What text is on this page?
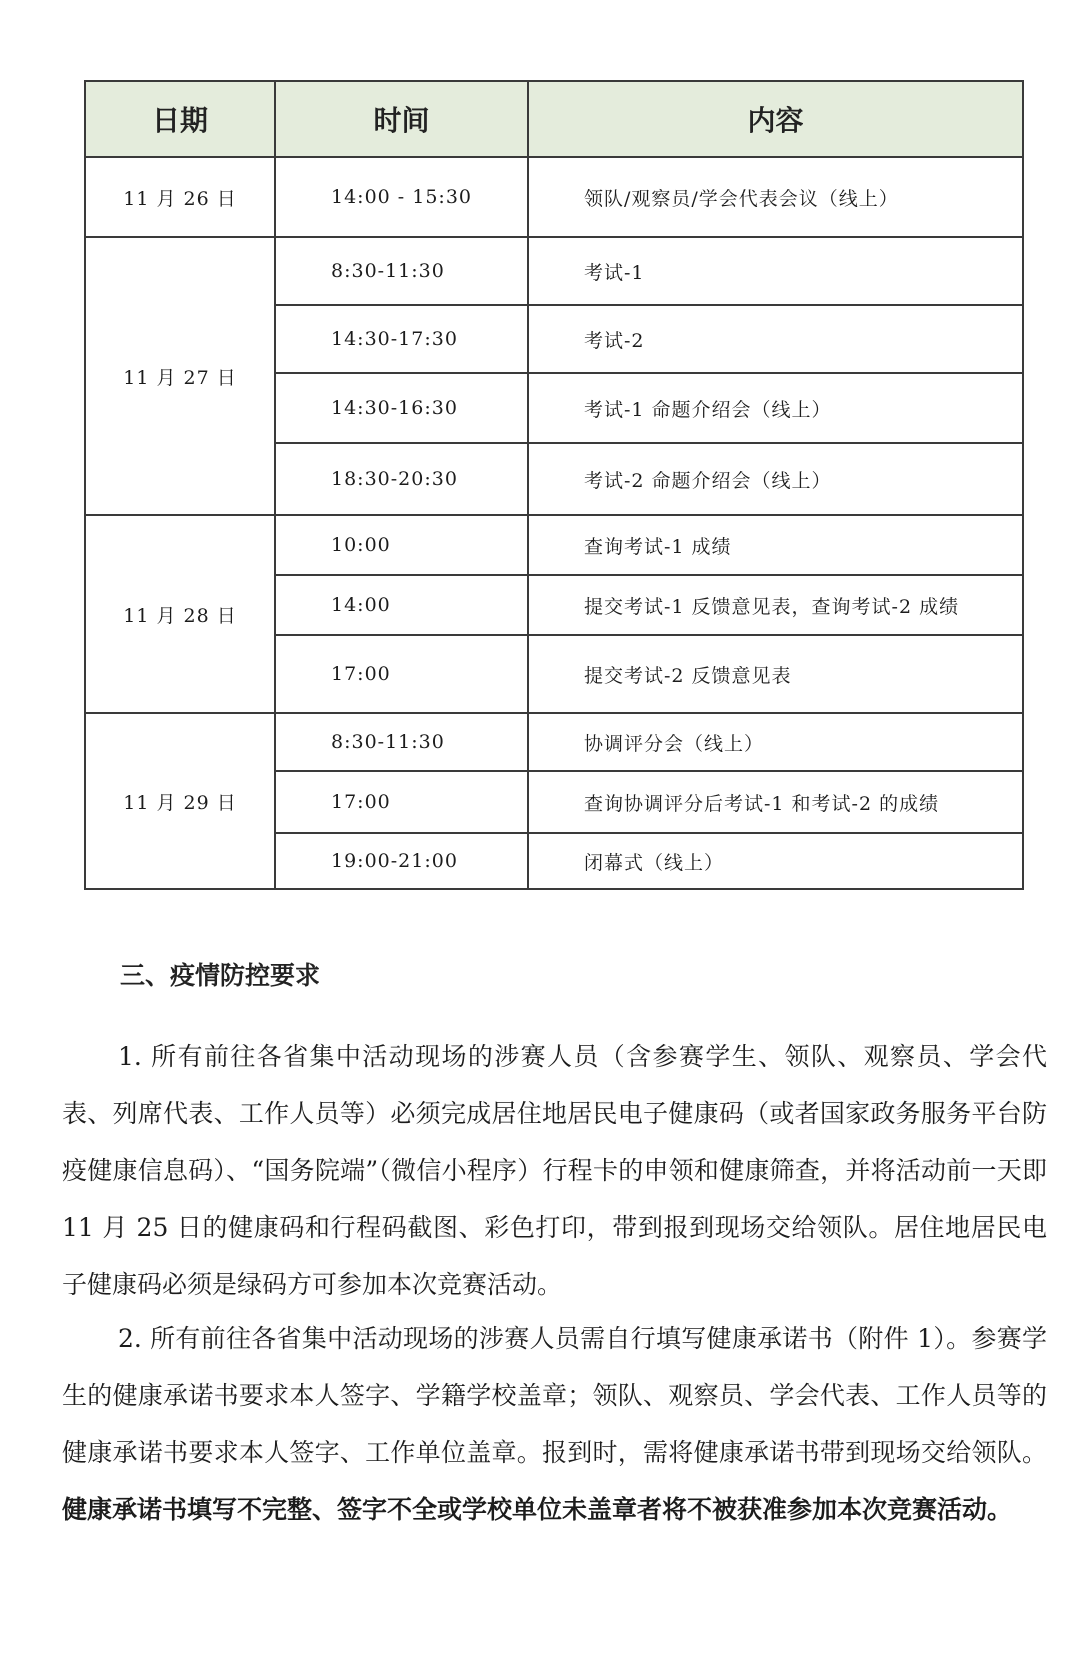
日期	时间	内容
11 月 26 日	14:00 - 15:30	领队/观察员/学会代表会议（线上）
11 月 27 日	8:30-11:30	考试-1
	14:30-17:30	考试-2
	14:30-16:30	考试-1 命题介绍会（线上）
	18:30-20:30	考试-2 命题介绍会（线上）
11 月 28 日	10:00	查询考试-1 成绩
	14:00	提交考试-1 反馈意见表，查询考试-2 成绩
	17:00	提交考试-2 反馈意见表
11 月 29 日	8:30-11:30	协调评分会（线上）
	17:00	查询协调评分后考试-1 和考试-2 的成绩
	19:00-21:00	闭幕式（线上）
三、疫情防控要求

1. 所有前往各省集中活动现场的涉赛人员（含参赛学生、领队、观察员、学会代表、列席代表、工作人员等）必须完成居住地居民电子健康码（或者国家政务服务平台防疫健康信息码）、“国务院端”（微信小程序）行程卡的申领和健康筛查，并将活动前一天即 11 月 25 日的健康码和行程码截图、彩色打印，带到报到现场交给领队。居住地居民电子健康码必须是绿码方可参加本次竞赛活动。

2. 所有前往各省集中活动现场的涉赛人员需自行填写健康承诺书（附件 1）。参赛学生的健康承诺书要求本人签字、学籍学校盖章；领队、观察员、学会代表、工作人员等的健康承诺书要求本人签字、工作单位盖章。报到时，需将健康承诺书带到现场交给领队。健康承诺书填写不完整、签字不全或学校单位未盖章者将不被获准参加本次竞赛活动。
